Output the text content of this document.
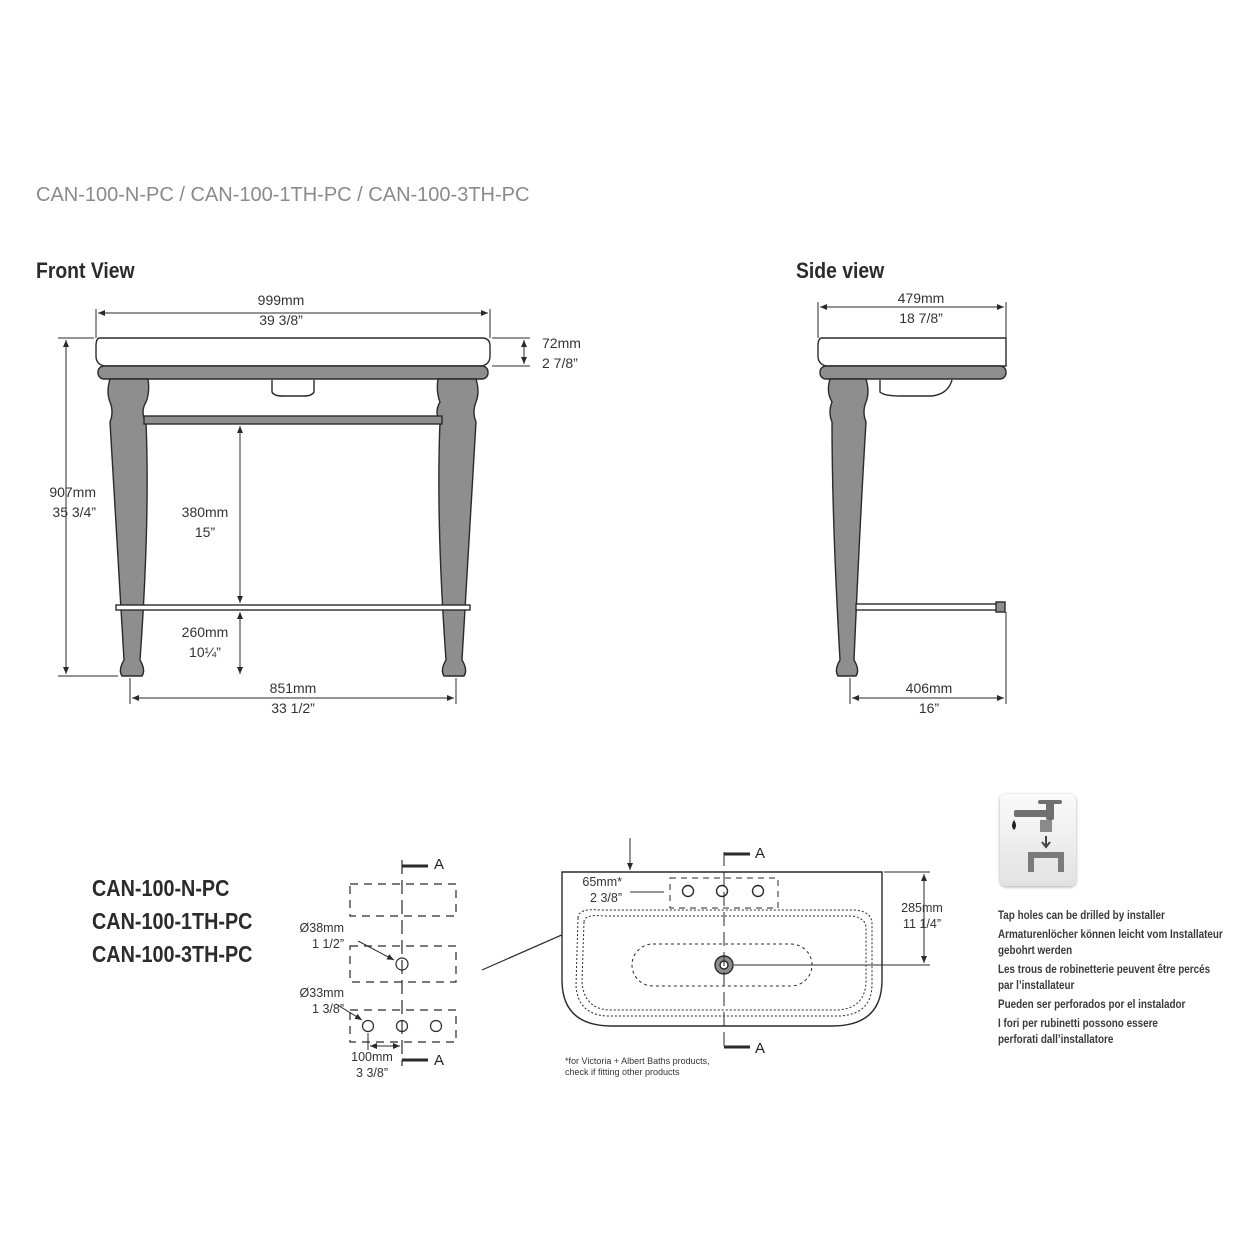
CAN-100-N-PC / CAN-100-1TH-PC / CAN-100-3TH-PC
Front View	Side view
999mm
39 3/8”
72mm
2 7/8”
907mm
35 3/4”	380mm
15”
260mm
10¼”
851mm
33 1/2”
479mm
18 7/8”
406mm
16”
CAN-100-N-PC
CAN-100-1TH-PC
CAN-100-3TH-PC
A
A
A
A
Ø38mm
1 1/2”
Ø33mm
1 3/8”
100mm
3 3/8”
65mm*
2 3/8”
285mm
11 1/4”
*for Victoria + Albert Baths products,
check if fitting other products
Tap holes can be drilled by installer
Armaturenlöcher können leicht vom Installateur
gebohrt werden
Les trous de robinetterie peuvent être percés
par l’installateur
Pueden ser perforados por el instalador
I fori per rubinetti possono essere
perforati dall’installatore
